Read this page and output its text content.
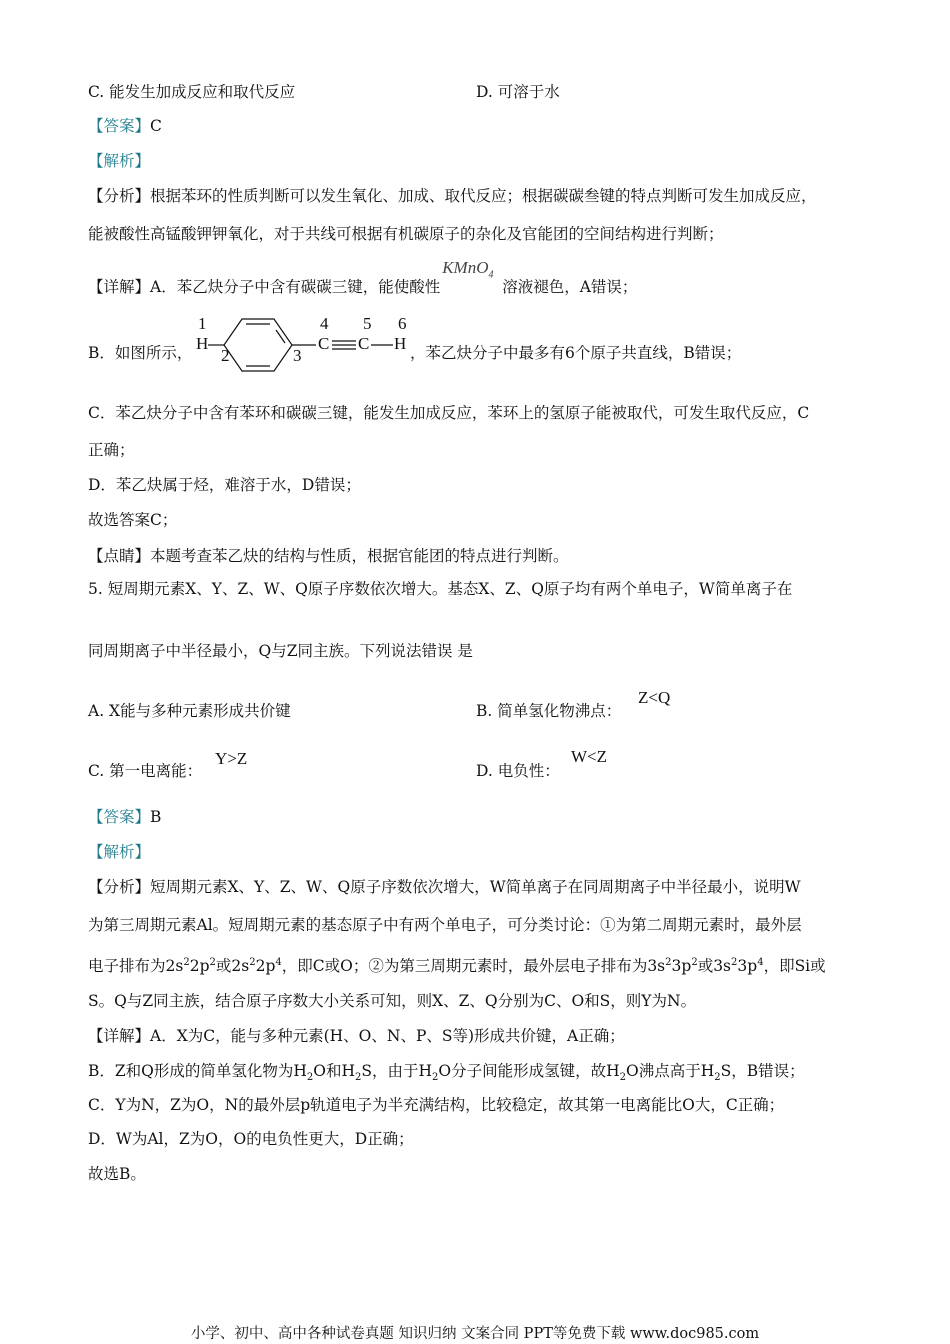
C. 能发生加成反应和取代反应	D. 可溶于水
【答案】C
【解析】
【分析】根据苯环的性质判断可以发生氧化、加成、取代反应；根据碳碳叁键的特点判断可发生加成反应，
能被酸性高锰酸钾钾氧化，对于共线可根据有机碳原子的杂化及官能团的空间结构进行判断；
【详解】A．苯乙炔分子中含有碳碳三键，能使酸性
KMnO$_4$
溶液褪色，A错误；
B．如图所示，	，苯乙炔分子中最多有6个原子共直线，B错误；
1
H
2	3
4
C
5
C
6
H
C．苯乙炔分子中含有苯环和碳碳三键，能发生加成反应，苯环上的氢原子能被取代，可发生取代反应，C
正确；
D．苯乙炔属于烃，难溶于水，D错误；
故选答案C；
【点睛】本题考查苯乙炔的结构与性质，根据官能团的特点进行判断。
5. 短周期元素X、Y、Z、W、Q原子序数依次增大。基态X、Z、Q原子均有两个单电子，W简单离子在
同周期离子中半径最小，Q与Z同主族。下列说法错误 是
A. X能与多种元素形成共价键	B. 简单氢化物沸点：
Z<Q
C. 第一电离能：
Y>Z
D. 电负性：
W<Z
【答案】B
【解析】
【分析】短周期元素X、Y、Z、W、Q原子序数依次增大，W简单离子在同周期离子中半径最小，说明W
为第三周期元素Al。短周期元素的基态原子中有两个单电子，可分类讨论：①为第二周期元素时，最外层
电子排布为$2s^22p^2$或$2s^22p^4$，即C或O；②为第三周期元素时，最外层电子排布为$3s^23p^2$或$3s^23p^4$，即Si或
S。Q与Z同主族，结合原子序数大小关系可知，则X、Z、Q分别为C、O和S，则Y为N。
【详解】A．X为C，能与多种元素(H、O、N、P、S等)形成共价键，A正确；
B．Z和Q形成的简单氢化物为$H_2O$和$H_2S$，由于$H_2O$分子间能形成氢键，故$H_2O$沸点高于$H_2S$，B错误；
C．Y为N，Z为O，N的最外层p轨道电子为半充满结构，比较稳定，故其第一电离能比O大，C正确；
D．W为Al，Z为O，O的电负性更大，D正确；
故选B。
小学、初中、高中各种试卷真题 知识归纳 文案合同 PPT等免费下载 www.doc985.com
